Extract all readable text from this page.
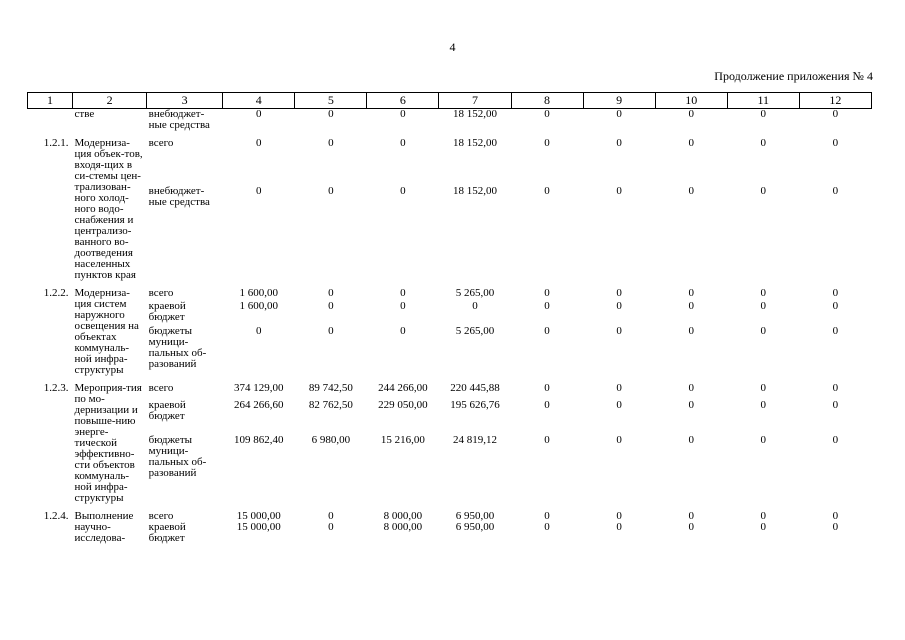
4
Продолжение приложения № 4
1	2	3	4	5	6	7	8	9	10	11	12
	стве	внебюджет-ные средства	0	0	0	18 152,00	0	0	0	0	0

1.2.1.	Модерниза-ция объек-тов, входя-щих в си-стемы цен-трализован-ного холод-ного водо-снабжения и централизо-ванного во-доотведения населенных пунктов края	всего	0	0	0	18 152,00	0	0	0	0	0
		внебюджет-ные средства	0	0	0	18 152,00	0	0	0	0	0

1.2.2.	Модерниза-ция систем наружного освещения на объектах коммуналь-ной инфра-структуры	всего	1 600,00	0	0	5 265,00	0	0	0	0	0
		краевой бюджет	1 600,00	0	0	0	0	0	0	0	0
		бюджеты муници-пальных об-разований	0	0	0	5 265,00	0	0	0	0	0

1.2.3.	Мероприя-тия по мо-дернизации и повыше-нию энерге-тической эффективно-сти объектов коммуналь-ной инфра-структуры	всего	374 129,00	89 742,50	244 266,00	220 445,88	0	0	0	0	0
		краевой бюджет	264 266,60	82 762,50	229 050,00	195 626,76	0	0	0	0	0
		бюджеты муници-пальных об-разований	109 862,40	6 980,00	15 216,00	24 819,12	0	0	0	0	0

1.2.4.	Выполнение научно-исследова-	всего	15 000,00	0	8 000,00	6 950,00	0	0	0	0	0
		краевой бюджет	15 000,00	0	8 000,00	6 950,00	0	0	0	0	0
